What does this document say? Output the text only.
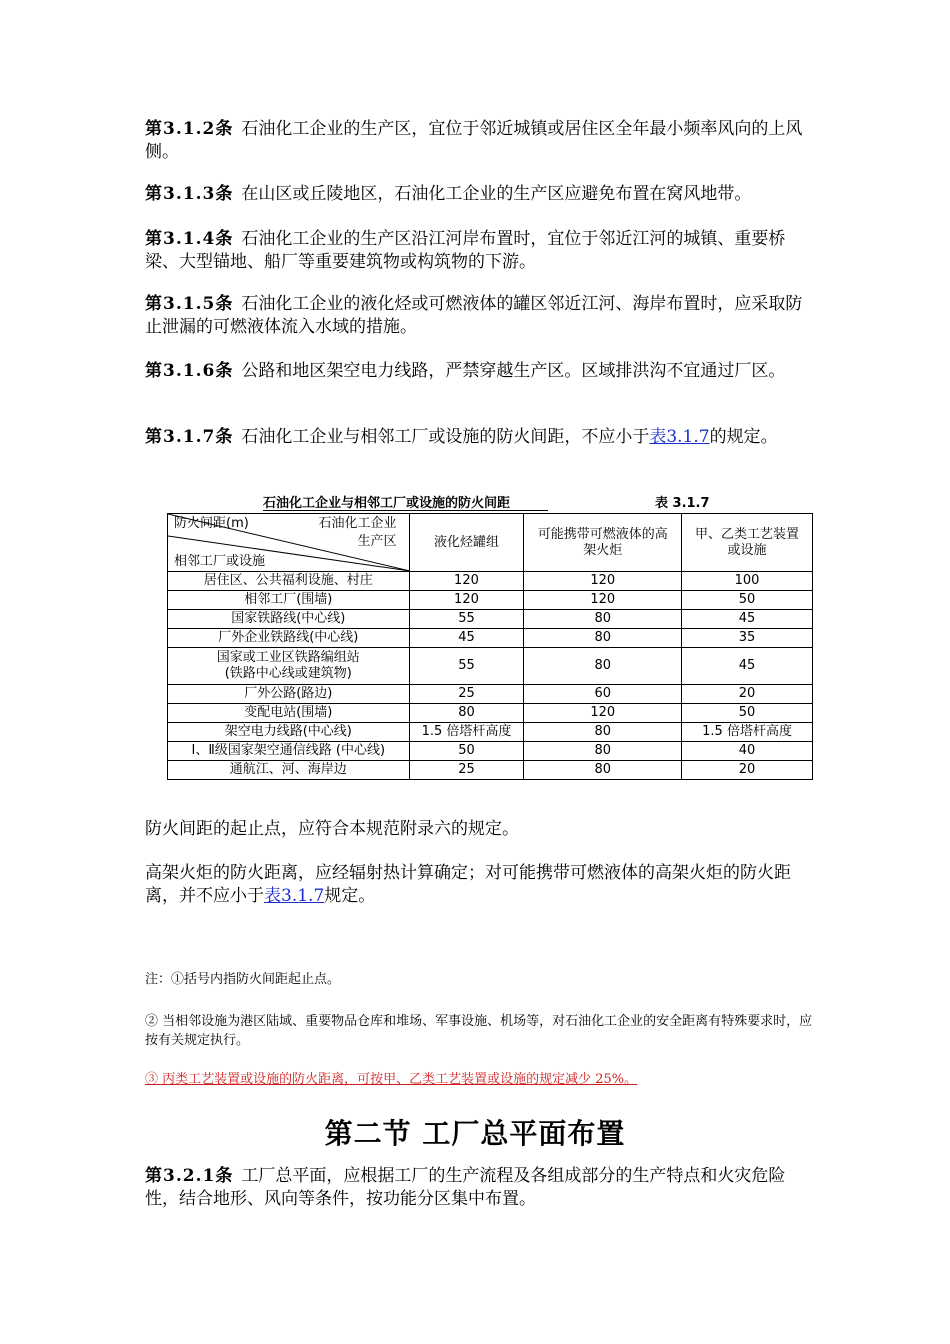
第3.1.2条 石油化工企业的生产区，宜位于邻近城镇或居住区全年最小频率风向的上风侧。

第3.1.3条 在山区或丘陵地区，石油化工企业的生产区应避免布置在窝风地带。

第3.1.4条 石油化工企业的生产区沿江河岸布置时，宜位于邻近江河的城镇、重要桥梁、大型锚地、船厂等重要建筑物或构筑物的下游。

第3.1.5条 石油化工企业的液化烃或可燃液体的罐区邻近江河、海岸布置时，应采取防止泄漏的可燃液体流入水域的措施。

第3.1.6条 公路和地区架空电力线路，严禁穿越生产区。区域排洪沟不宜通过厂区。

第3.1.7条 石油化工企业与相邻工厂或设施的防火间距，不应小于表3.1.7的规定。

石油化工企业与相邻工厂或设施的防火间距	表 3.1.7
防火间距(m) 石油化工企业
生产区
相邻工厂或设施	液化烃罐组	可能携带可燃液体的高架火炬	甲、乙类工艺装置或设施
居住区、公共福利设施、村庄	120	120	100
相邻工厂(围墙)	120	120	50
国家铁路线(中心线)	55	80	45
厂外企业铁路线(中心线)	45	80	35
国家或工业区铁路编组站
(铁路中心线或建筑物)	55	80	45
厂外公路(路边)	25	60	20
变配电站(围墙)	80	120	50
架空电力线路(中心线)	1.5 倍塔杆高度	80	1.5 倍塔杆高度
Ⅰ、Ⅱ级国家架空通信线路 (中心线)	50	80	40
通航江、河、海岸边	25	80	20

防火间距的起止点，应符合本规范附录六的规定。

高架火炬的防火距离，应经辐射热计算确定；对可能携带可燃液体的高架火炬的防火距离，并不应小于表3.1.7规定。

注：①括号内指防火间距起止点。

② 当相邻设施为港区陆域、重要物品仓库和堆场、军事设施、机场等，对石油化工企业的安全距离有特殊要求时，应按有关规定执行。

③ 丙类工艺装置或设施的防火距离，可按甲、乙类工艺装置或设施的规定减少 25%。

第二节 工厂总平面布置

第3.2.1条 工厂总平面，应根据工厂的生产流程及各组成部分的生产特点和火灾危险性，结合地形、风向等条件，按功能分区集中布置。
